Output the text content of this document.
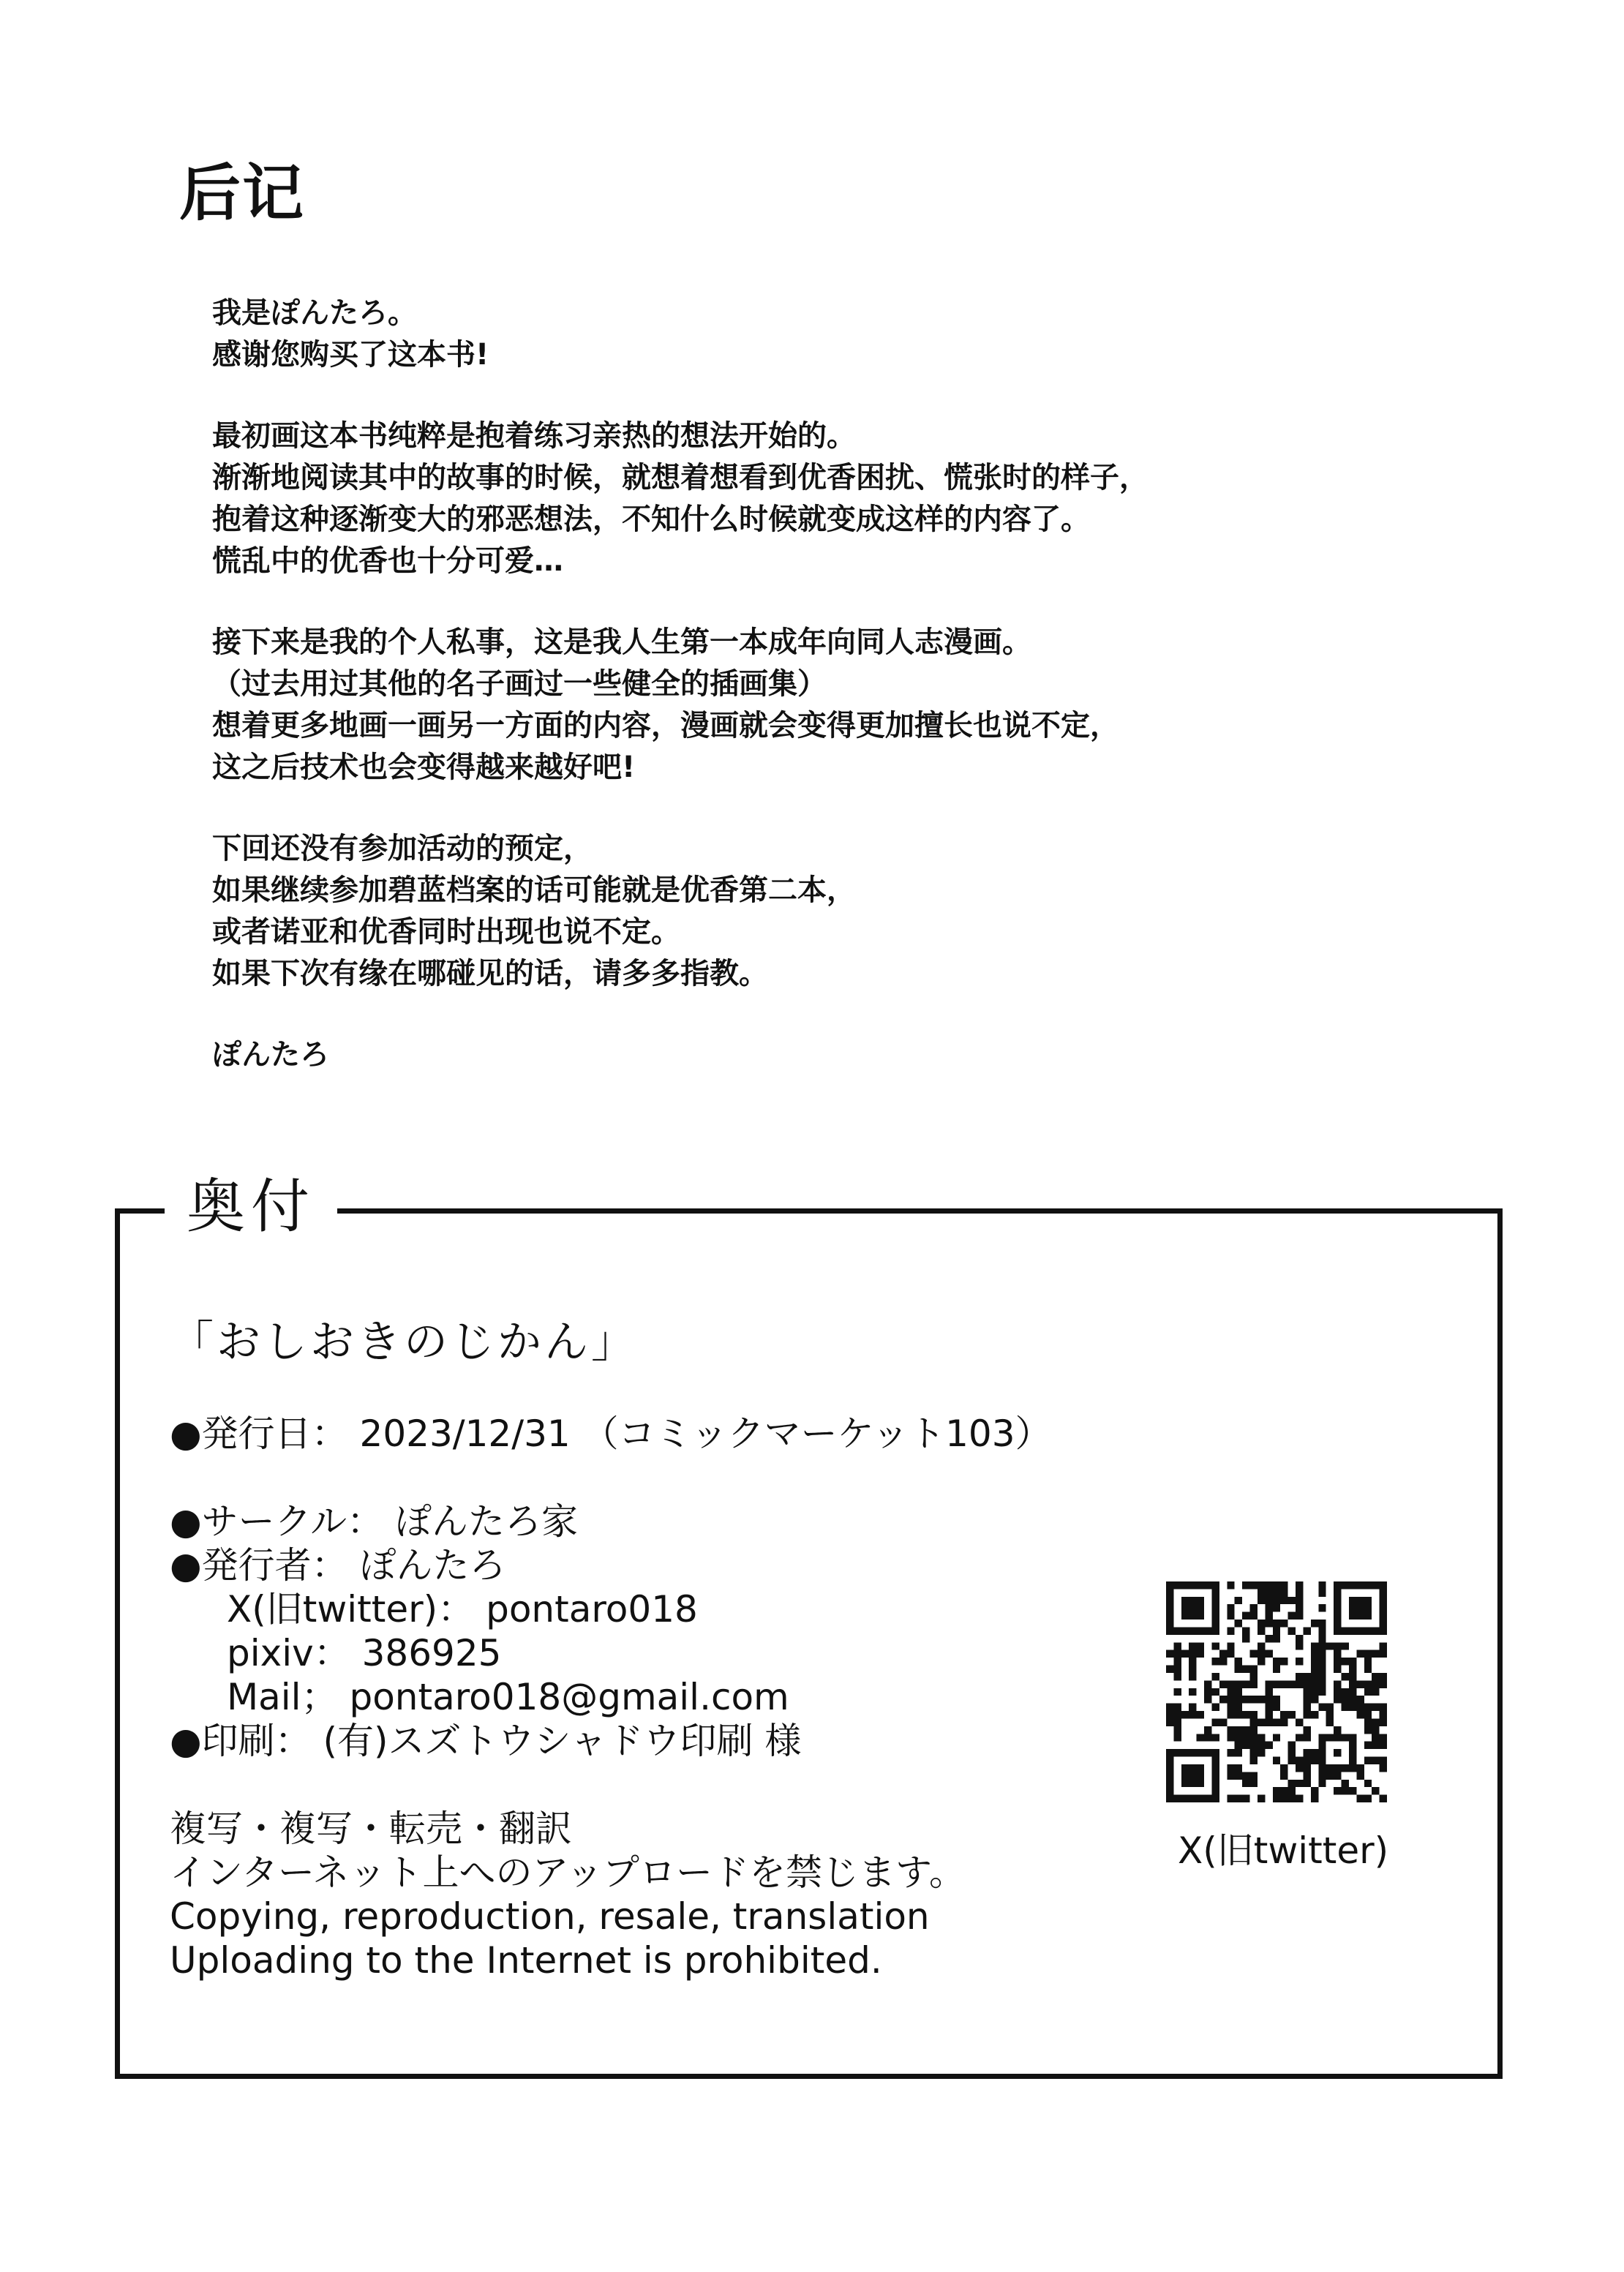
后记
我是ぽんたろ。
感谢您购买了这本书!
最初画这本书纯粹是抱着练习亲热的想法开始的。
渐渐地阅读其中的故事的时候，就想着想看到优香困扰、慌张时的样子，
抱着这种逐渐变大的邪恶想法，不知什么时候就变成这样的内容了。
慌乱中的优香也十分可爱…
接下来是我的个人私事，这是我人生第一本成年向同人志漫画。
（过去用过其他的名子画过一些健全的插画集）
想着更多地画一画另一方面的内容，漫画就会变得更加擅长也说不定，
这之后技术也会变得越来越好吧!
下回还没有参加活动的预定，
如果继续参加碧蓝档案的话可能就是优香第二本，
或者诺亚和优香同时出现也说不定。
如果下次有缘在哪碰见的话，请多多指教。
ぽんたろ
奥付
「おしおきのじかん」
●発行日： 2023/12/31 （コミックマーケット103）
●サークル： ぽんたろ家
●発行者： ぽんたろ
X(旧twitter)： pontaro018
pixiv： 386925
Mail； pontaro018@gmail.com
●印刷： (有)スズトウシャドウ印刷 様
複写・複写・転売・翻訳
インターネット上へのアップロードを禁じます。
Copying, reproduction, resale, translation
Uploading to the Internet is prohibited.
X(旧twitter)
